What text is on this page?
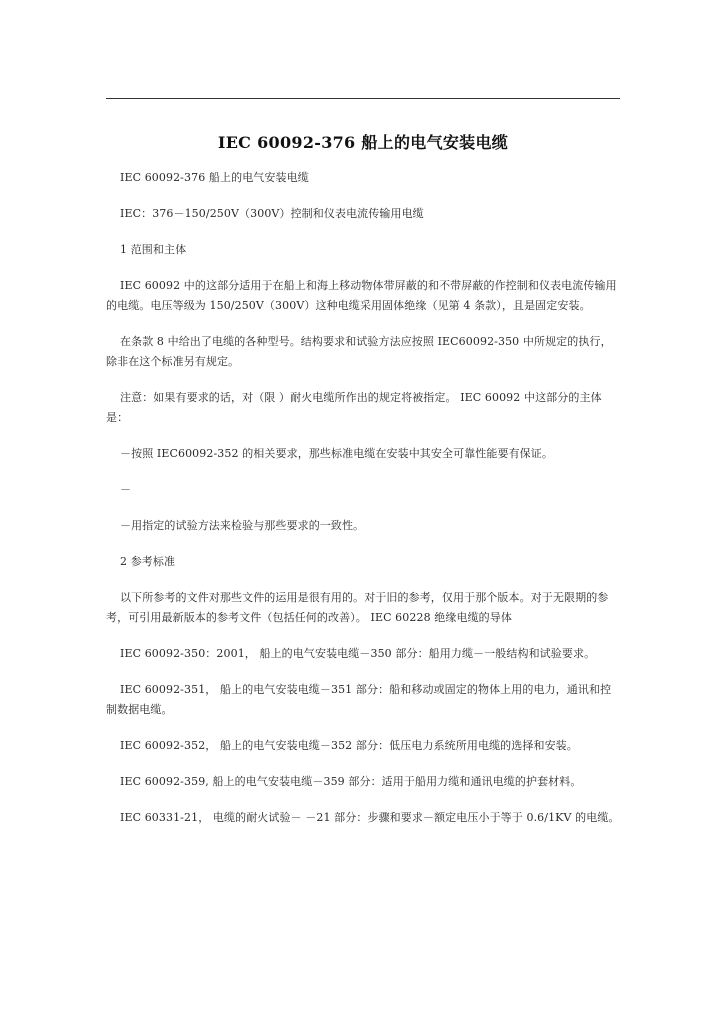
IEC 60092-376 船上的电气安装电缆

IEC 60092-376 船上的电气安装电缆

IEC：376－150/250V（300V）控制和仪表电流传输用电缆

1 范围和主体

IEC 60092 中的这部分适用于在船上和海上移动物体带屏蔽的和不带屏蔽的作控制和仪表电流传输用的电缆。电压等级为 150/250V（300V）这种电缆采用固体绝缘（见第 4 条款），且是固定安装。

在条款 8 中给出了电缆的各种型号。结构要求和试验方法应按照 IEC60092-350 中所规定的执行，除非在这个标准另有规定。

注意：如果有要求的话，对（限 ）耐火电缆所作出的规定将被指定。 IEC 60092 中这部分的主体是：

－按照 IEC60092-352 的相关要求，那些标准电缆在安装中其安全可靠性能要有保证。

－

－用指定的试验方法来检验与那些要求的一致性。

2 参考标准

以下所参考的文件对那些文件的运用是很有用的。对于旧的参考，仅用于那个版本。对于无限期的参考，可引用最新版本的参考文件（包括任何的改善）。 IEC 60228 绝缘电缆的导体

IEC 60092-350：2001， 船上的电气安装电缆－350 部分：船用力缆－一般结构和试验要求。

IEC 60092-351， 船上的电气安装电缆－351 部分：船和移动或固定的物体上用的电力，通讯和控制数据电缆。

IEC 60092-352， 船上的电气安装电缆－352 部分：低压电力系统所用电缆的选择和安装。

IEC 60092-359, 船上的电气安装电缆－359 部分：适用于船用力缆和通讯电缆的护套材料。

IEC 60331-21， 电缆的耐火试验－ －21 部分：步骤和要求－额定电压小于等于 0.6/1KV 的电缆。
